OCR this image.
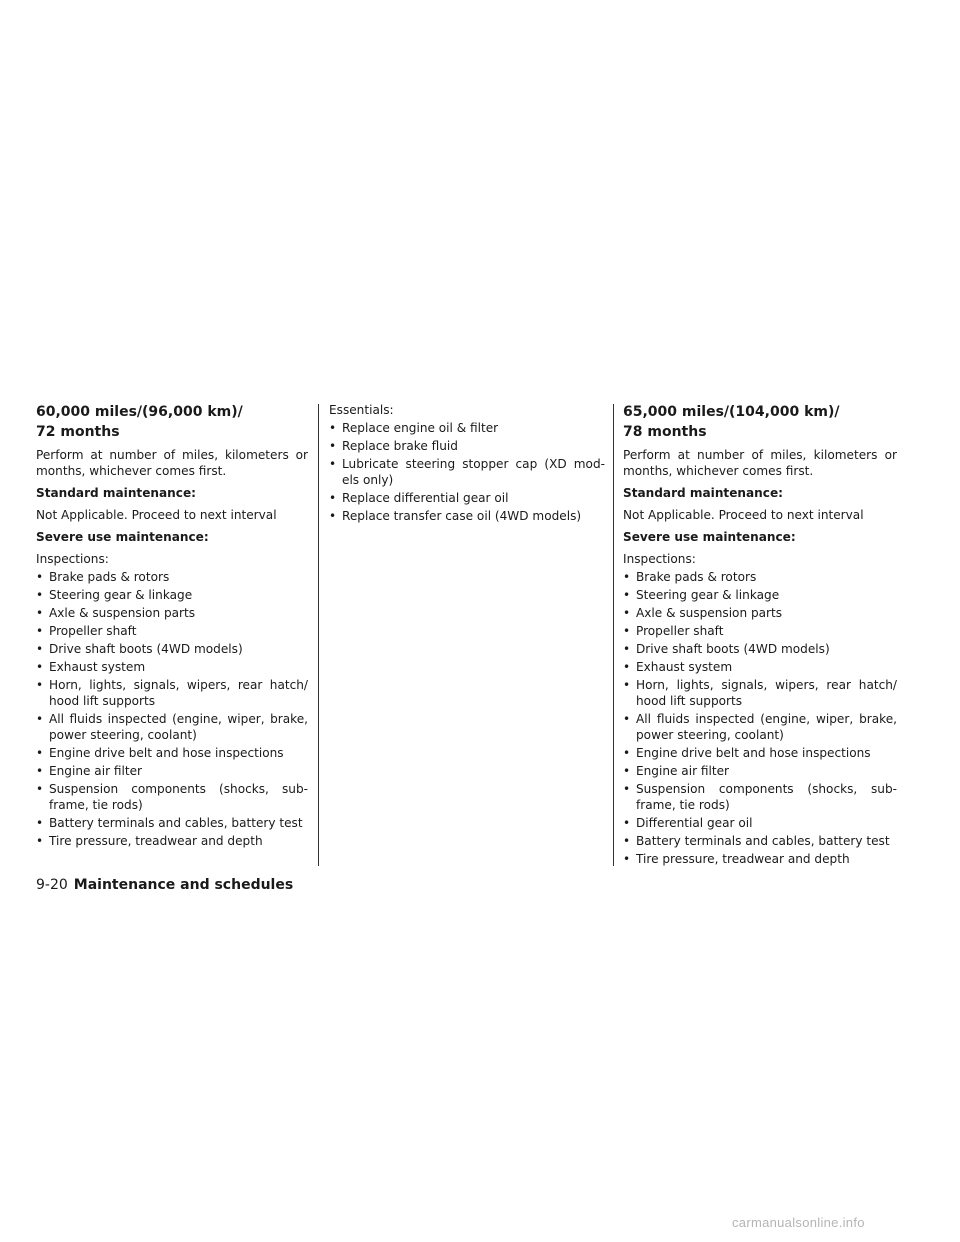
60,000 miles/(96,000 km)/
72 months
Perform at number of miles, kilometers or months, whichever comes first.
Standard maintenance:
Not Applicable. Proceed to next interval
Severe use maintenance:
Inspections:
• Brake pads & rotors
• Steering gear & linkage
• Axle & suspension parts
• Propeller shaft
• Drive shaft boots (4WD models)
• Exhaust system
• Horn, lights, signals, wipers, rear hatch/ hood lift supports
• All fluids inspected (engine, wiper, brake, power steering, coolant)
• Engine drive belt and hose inspections
• Engine air filter
• Suspension components (shocks, sub-frame, tie rods)
• Battery terminals and cables, battery test
• Tire pressure, treadwear and depth
Essentials:
• Replace engine oil & filter
• Replace brake fluid
• Lubricate steering stopper cap (XD mod-els only)
• Replace differential gear oil
• Replace transfer case oil (4WD models)
65,000 miles/(104,000 km)/
78 months
Perform at number of miles, kilometers or months, whichever comes first.
Standard maintenance:
Not Applicable. Proceed to next interval
Severe use maintenance:
Inspections:
• Brake pads & rotors
• Steering gear & linkage
• Axle & suspension parts
• Propeller shaft
• Drive shaft boots (4WD models)
• Exhaust system
• Horn, lights, signals, wipers, rear hatch/ hood lift supports
• All fluids inspected (engine, wiper, brake, power steering, coolant)
• Engine drive belt and hose inspections
• Engine air filter
• Suspension components (shocks, sub-frame, tie rods)
• Differential gear oil
• Battery terminals and cables, battery test
• Tire pressure, treadwear and depth
9-20 Maintenance and schedules
carmanualsonline.info
